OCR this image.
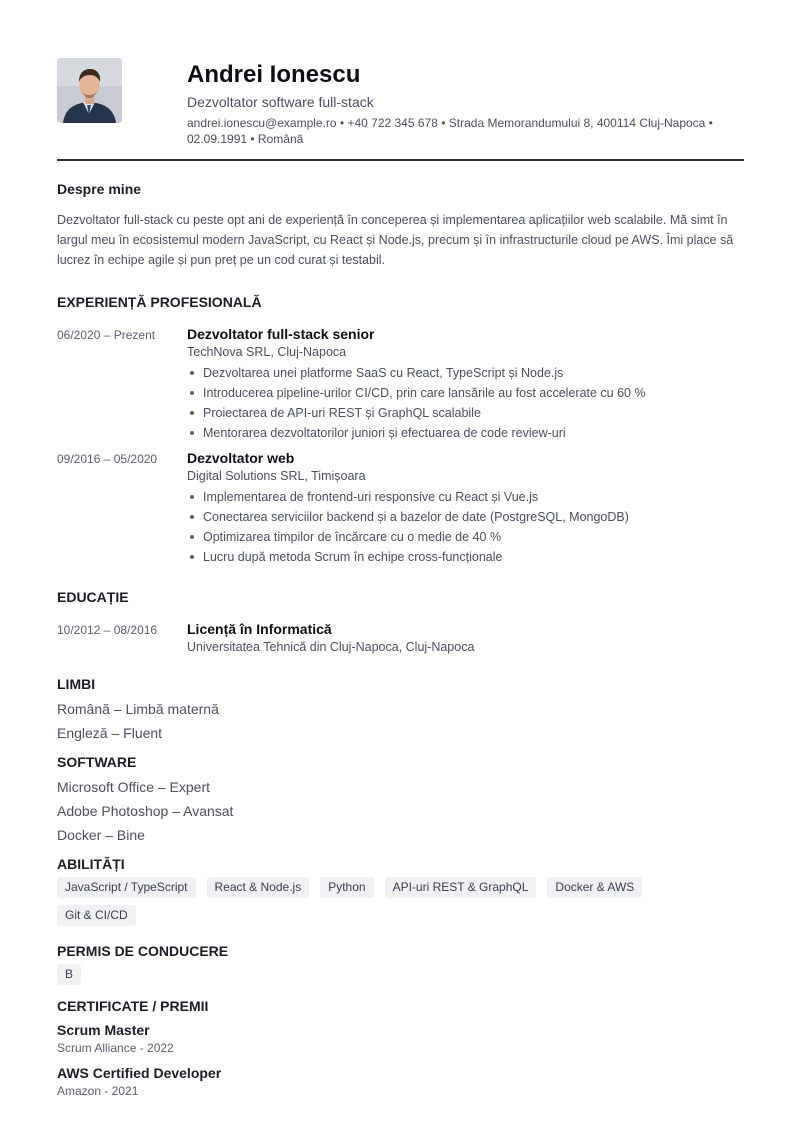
Andrei Ionescu
Dezvoltator software full-stack
andrei.ionescu@example.ro • +40 722 345 678 • Strada Memorandumului 8, 400114 Cluj-Napoca • 02.09.1991 • Română
Despre mine
Dezvoltator full-stack cu peste opt ani de experiență în conceperea și implementarea aplicațiilor web scalabile. Mă simt în largul meu în ecosistemul modern JavaScript, cu React și Node.js, precum și în infrastructurile cloud pe AWS. Îmi place să lucrez în echipe agile și pun preț pe un cod curat și testabil.
EXPERIENȚĂ PROFESIONALĂ
06/2020 – Prezent Dezvoltator full-stack senior
TechNova SRL, Cluj-Napoca
Dezvoltarea unei platforme SaaS cu React, TypeScript și Node.js
Introducerea pipeline-urilor CI/CD, prin care lansările au fost accelerate cu 60 %
Proiectarea de API-uri REST și GraphQL scalabile
Mentorarea dezvoltatorilor juniori și efectuarea de code review-uri
09/2016 – 05/2020 Dezvoltator web
Digital Solutions SRL, Timișoara
Implementarea de frontend-uri responsive cu React și Vue.js
Conectarea serviciilor backend și a bazelor de date (PostgreSQL, MongoDB)
Optimizarea timpilor de încărcare cu o medie de 40 %
Lucru după metoda Scrum în echipe cross-funcționale
EDUCAȚIE
10/2012 – 08/2016 Licență în Informatică
Universitatea Tehnică din Cluj-Napoca, Cluj-Napoca
LIMBI
Română – Limbă maternă
Engleză – Fluent
SOFTWARE
Microsoft Office – Expert
Adobe Photoshop – Avansat
Docker – Bine
ABILITĂȚI
JavaScript / TypeScript	React & Node.js	Python	API-uri REST & GraphQL	Docker & AWS
Git & CI/CD
PERMIS DE CONDUCERE
B
CERTIFICATE / PREMII
Scrum Master
Scrum Alliance - 2022
AWS Certified Developer
Amazon - 2021
